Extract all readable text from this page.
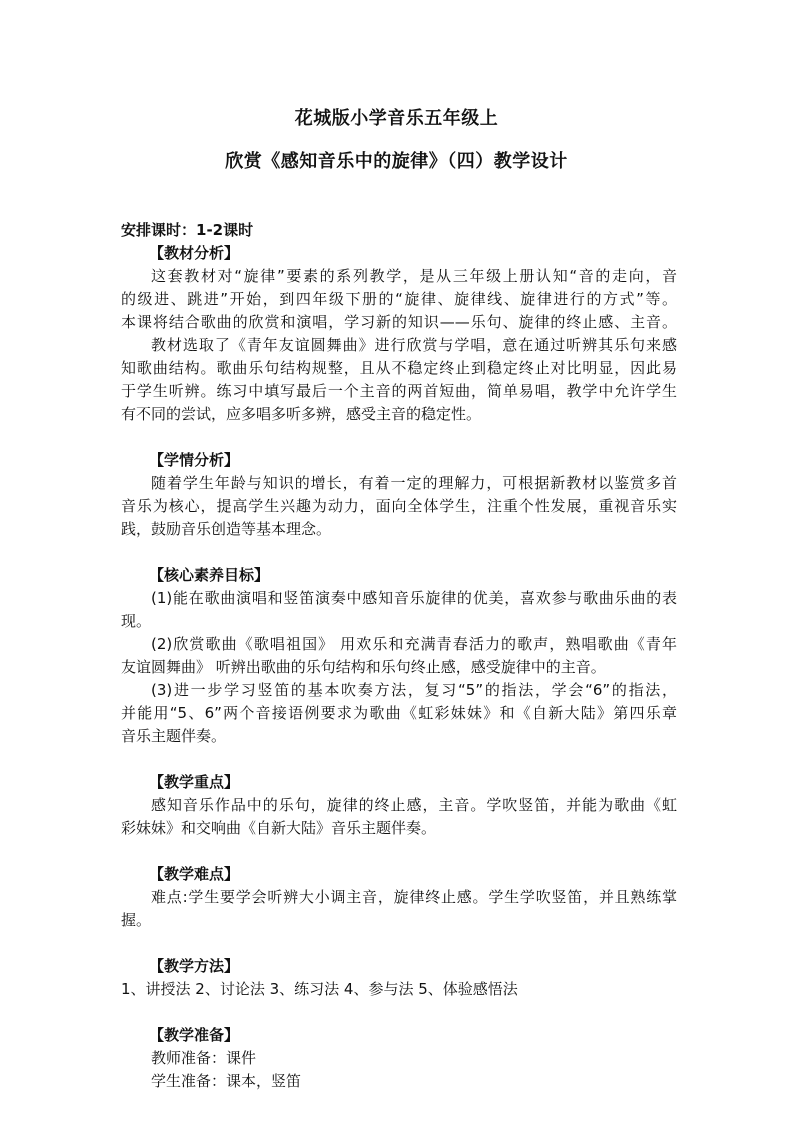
花城版小学音乐五年级上
欣赏《感知音乐中的旋律》（四）教学设计
安排课时：1-2课时
【教材分析】
这套教材对“旋律”要素的系列教学，是从三年级上册认知“音的走向，音
的级进、跳进”开始，到四年级下册的“旋律、旋律线、旋律进行的方式”等。
本课将结合歌曲的欣赏和演唱，学习新的知识——乐句、旋律的终止感、主音。
教材选取了《青年友谊圆舞曲》进行欣赏与学唱，意在通过听辨其乐句来感
知歌曲结构。歌曲乐句结构规整，且从不稳定终止到稳定终止对比明显，因此易
于学生听辨。练习中填写最后一个主音的两首短曲，简单易唱，教学中允许学生
有不同的尝试，应多唱多听多辨，感受主音的稳定性。
【学情分析】
随着学生年龄与知识的增长，有着一定的理解力，可根据新教材以鉴赏多首
音乐为核心，提高学生兴趣为动力，面向全体学生，注重个性发展，重视音乐实
践，鼓励音乐创造等基本理念。
【核心素养目标】
(1)能在歌曲演唱和竖笛演奏中感知音乐旋律的优美，喜欢参与歌曲乐曲的表
现。
(2)欣赏歌曲《歌唱祖国》 用欢乐和充满青春活力的歌声，熟唱歌曲《青年
友谊圆舞曲》 听辨出歌曲的乐句结构和乐句终止感，感受旋律中的主音。
(3)进一步学习竖笛的基本吹奏方法，复习“5”的指法，学会“6”的指法，
并能用“5、6”两个音接语例要求为歌曲《虹彩妹妹》和《自新大陆》第四乐章
音乐主题伴奏。
【教学重点】
感知音乐作品中的乐句，旋律的终止感，主音。学吹竖笛，并能为歌曲《虹
彩妹妹》和交响曲《自新大陆》音乐主题伴奏。
【教学难点】
难点:学生要学会听辨大小调主音，旋律终止感。学生学吹竖笛，并且熟练掌
握。
【教学方法】
1、讲授法 2、讨论法 3、练习法 4、参与法 5、体验感悟法
【教学准备】
教师准备：课件
学生准备：课本，竖笛
